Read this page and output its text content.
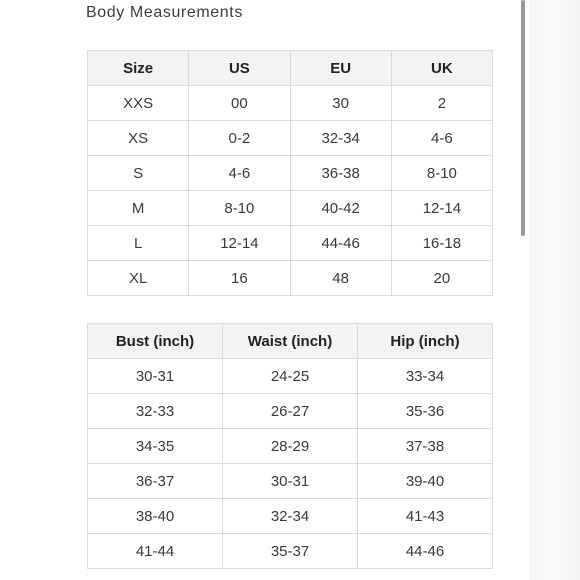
Body Measurements
Size	US	EU	UK
XXS	00	30	2
XS	0-2	32-34	4-6
S	4-6	36-38	8-10
M	8-10	40-42	12-14
L	12-14	44-46	16-18
XL	16	48	20
Bust (inch)	Waist (inch)	Hip (inch)
30-31	24-25	33-34
32-33	26-27	35-36
34-35	28-29	37-38
36-37	30-31	39-40
38-40	32-34	41-43
41-44	35-37	44-46
